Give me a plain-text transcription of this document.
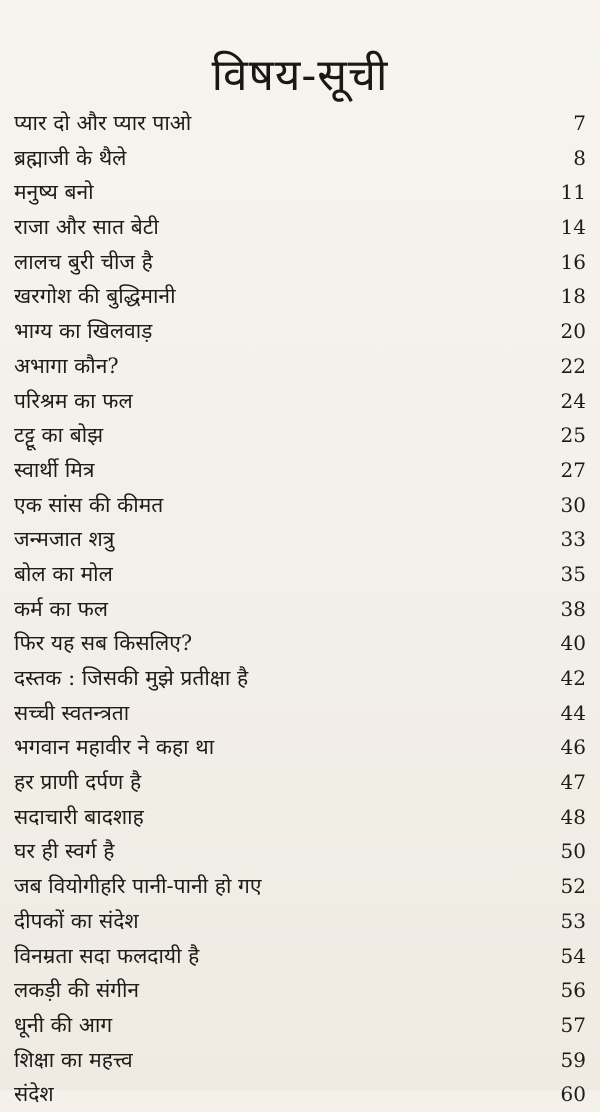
विषय-सूची
प्यार दो और प्यार पाओ	7
ब्रह्माजी के थैले	8
मनुष्य बनो	11
राजा और सात बेटी	14
लालच बुरी चीज है	16
खरगोश की बुद्धिमानी	18
भाग्य का खिलवाड़	20
अभागा कौन?	22
परिश्रम का फल	24
टट्टू का बोझ	25
स्वार्थी मित्र	27
एक सांस की कीमत	30
जन्मजात शत्रु	33
बोल का मोल	35
कर्म का फल	38
फिर यह सब किसलिए?	40
दस्तक : जिसकी मुझे प्रतीक्षा है	42
सच्ची स्वतन्त्रता	44
भगवान महावीर ने कहा था	46
हर प्राणी दर्पण है	47
सदाचारी बादशाह	48
घर ही स्वर्ग है	50
जब वियोगीहरि पानी-पानी हो गए	52
दीपकों का संदेश	53
विनम्रता सदा फलदायी है	54
लकड़ी की संगीन	56
धूनी की आग	57
शिक्षा का महत्त्व	59
संदेश	60
